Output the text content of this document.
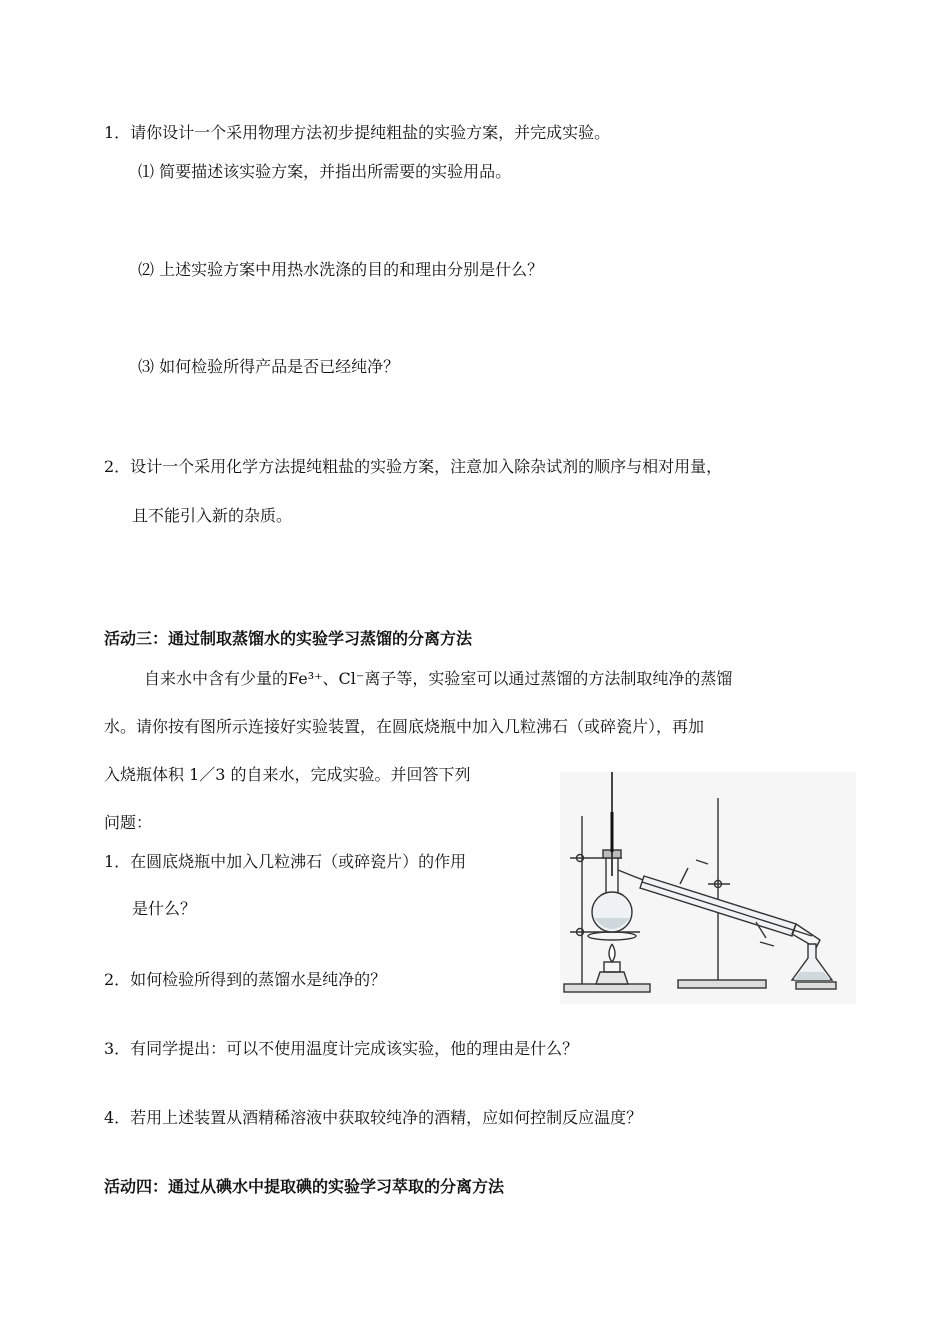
1．请你设计一个采用物理方法初步提纯粗盐的实验方案，并完成实验。
⑴ 简要描述该实验方案，并指出所需要的实验用品。
⑵ 上述实验方案中用热水洗涤的目的和理由分别是什么？
⑶ 如何检验所得产品是否已经纯净？
2．设计一个采用化学方法提纯粗盐的实验方案，注意加入除杂试剂的顺序与相对用量，
且不能引入新的杂质。
活动三：通过制取蒸馏水的实验学习蒸馏的分离方法
自来水中含有少量的Fe³⁺、Cl⁻离子等，实验室可以通过蒸馏的方法制取纯净的蒸馏
水。请你按有图所示连接好实验装置，在圆底烧瓶中加入几粒沸石（或碎瓷片），再加
入烧瓶体积 1／3 的自来水，完成实验。并回答下列
问题：
1．在圆底烧瓶中加入几粒沸石（或碎瓷片）的作用
是什么？
2．如何检验所得到的蒸馏水是纯净的？
3．有同学提出：可以不使用温度计完成该实验，他的理由是什么？
4．若用上述装置从酒精稀溶液中获取较纯净的酒精，应如何控制反应温度？
活动四：通过从碘水中提取碘的实验学习萃取的分离方法
